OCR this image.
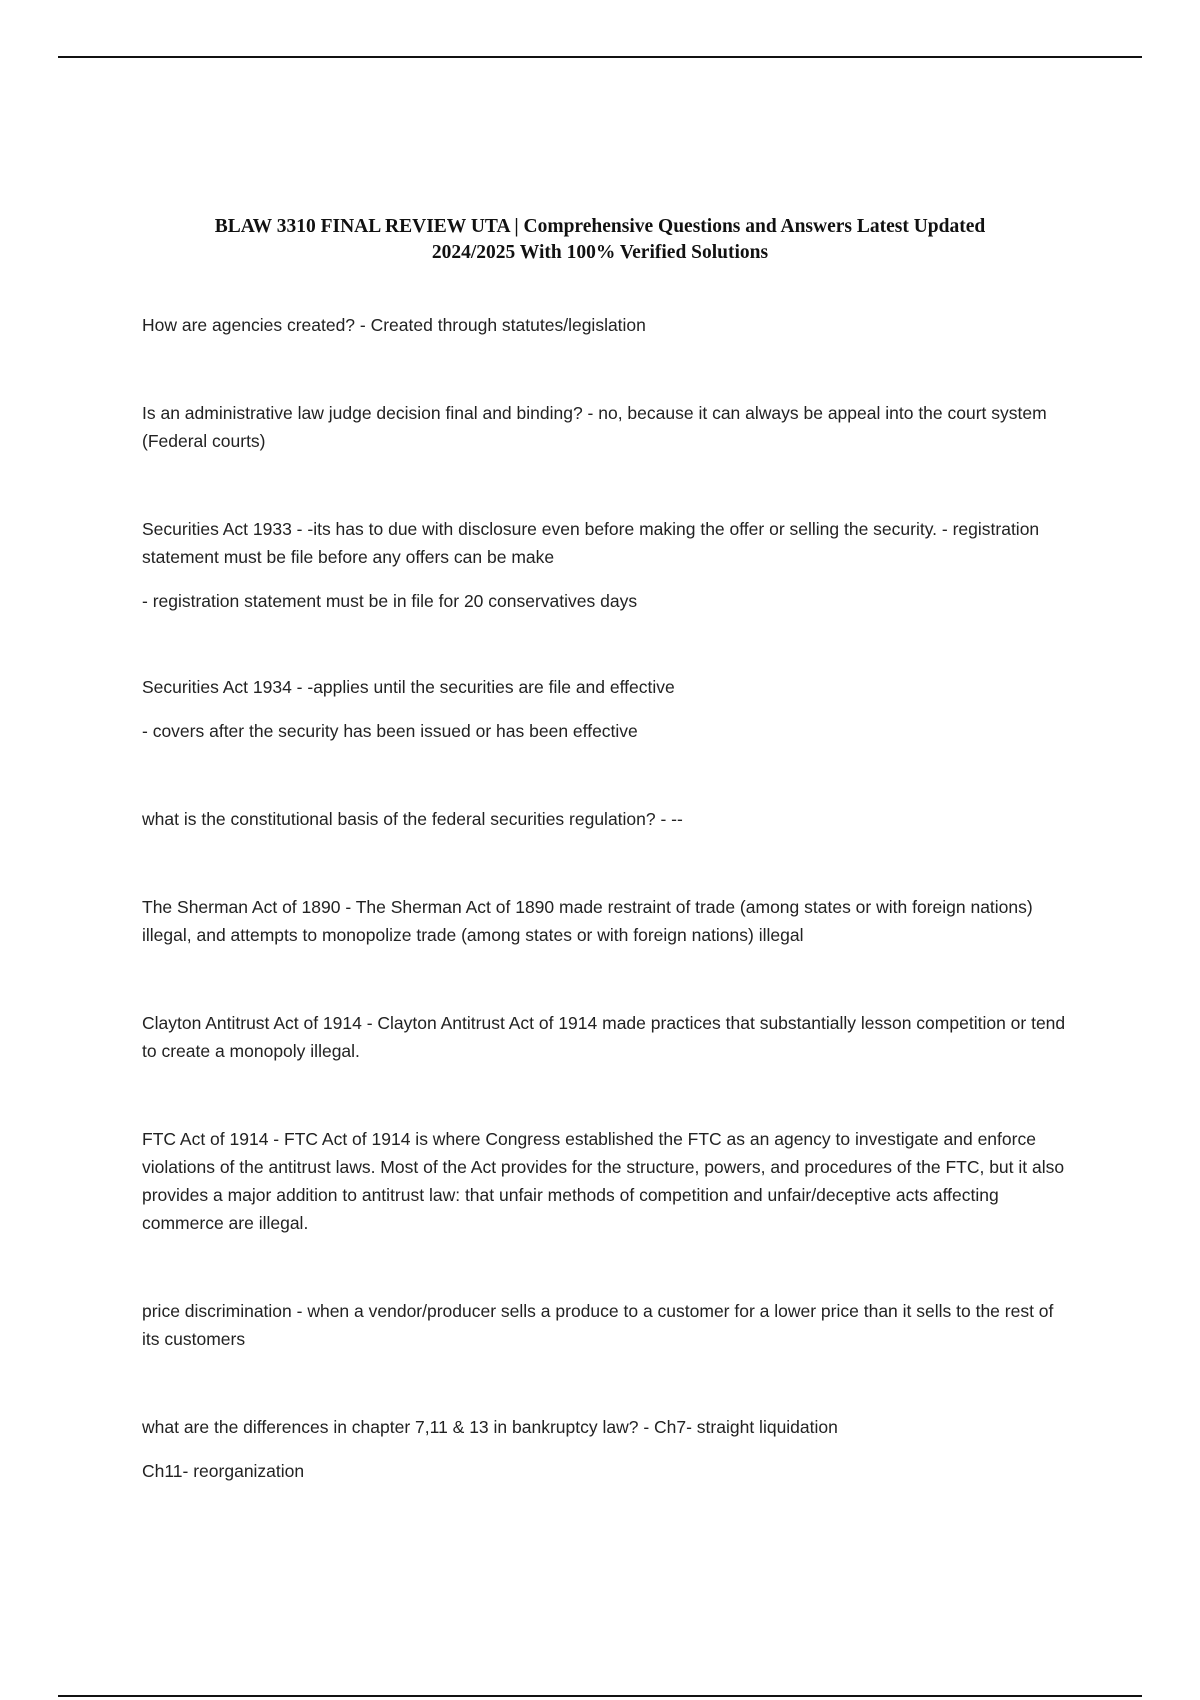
BLAW 3310 FINAL REVIEW UTA | Comprehensive Questions and Answers Latest Updated
2024/2025 With 100% Verified Solutions

How are agencies created? - Created through statutes/legislation

Is an administrative law judge decision final and binding? - no, because it can always be appeal into the court system (Federal courts)

Securities Act 1933 - -its has to due with disclosure even before making the offer or selling the security. - registration statement must be file before any offers can be make

- registration statement must be in file for 20 conservatives days

Securities Act 1934 - -applies until the securities are file and effective

- covers after the security has been issued or has been effective

what is the constitutional basis of the federal securities regulation? - --

The Sherman Act of 1890 - The Sherman Act of 1890 made restraint of trade (among states or with foreign nations) illegal, and attempts to monopolize trade (among states or with foreign nations) illegal

Clayton Antitrust Act of 1914 - Clayton Antitrust Act of 1914 made practices that substantially lesson competition or tend to create a monopoly illegal.

FTC Act of 1914 - FTC Act of 1914 is where Congress established the FTC as an agency to investigate and enforce violations of the antitrust laws. Most of the Act provides for the structure, powers, and procedures of the FTC, but it also provides a major addition to antitrust law: that unfair methods of competition and unfair/deceptive acts affecting commerce are illegal.

price discrimination - when a vendor/producer sells a produce to a customer for a lower price than it sells to the rest of its customers

what are the differences in chapter 7,11 & 13 in bankruptcy law? - Ch7- straight liquidation

Ch11- reorganization
